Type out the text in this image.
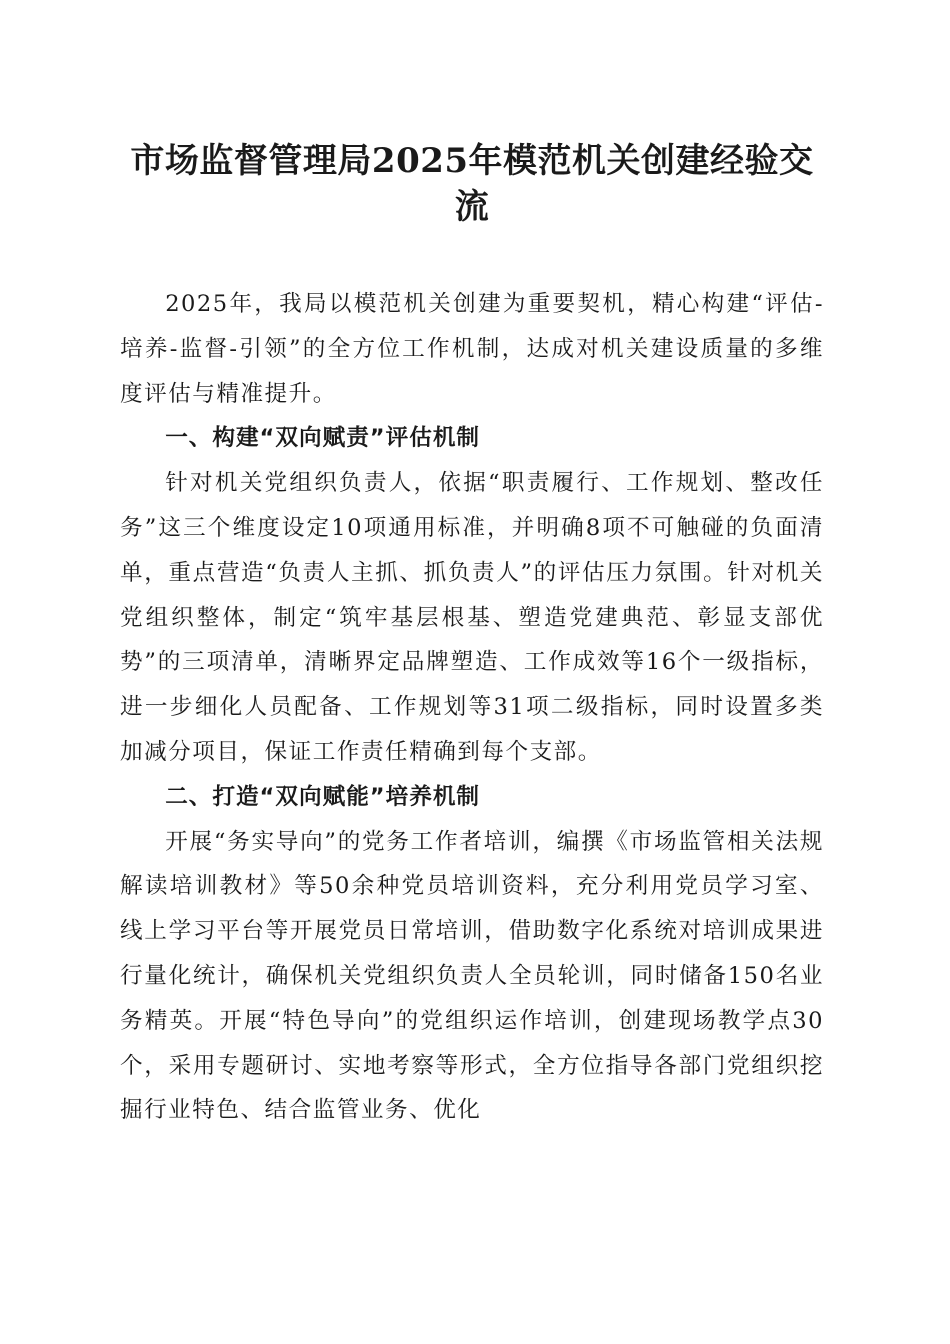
市场监督管理局2025年模范机关创建经验交流

2025年，我局以模范机关创建为重要契机，精心构建“评估-培养-监督-引领”的全方位工作机制，达成对机关建设质量的多维度评估与精准提升。

一、构建“双向赋责”评估机制

针对机关党组织负责人，依据“职责履行、工作规划、整改任务”这三个维度设定10项通用标准，并明确8项不可触碰的负面清单，重点营造“负责人主抓、抓负责人”的评估压力氛围。针对机关党组织整体，制定“筑牢基层根基、塑造党建典范、彰显支部优势”的三项清单，清晰界定品牌塑造、工作成效等16个一级指标，进一步细化人员配备、工作规划等31项二级指标，同时设置多类加减分项目，保证工作责任精确到每个支部。

二、打造“双向赋能”培养机制

开展“务实导向”的党务工作者培训，编撰《市场监管相关法规解读培训教材》等50余种党员培训资料，充分利用党员学习室、线上学习平台等开展党员日常培训，借助数字化系统对培训成果进行量化统计，确保机关党组织负责人全员轮训，同时储备150名业务精英。开展“特色导向”的党组织运作培训，创建现场教学点30个，采用专题研讨、实地考察等形式，全方位指导各部门党组织挖掘行业特色、结合监管业务、优化
